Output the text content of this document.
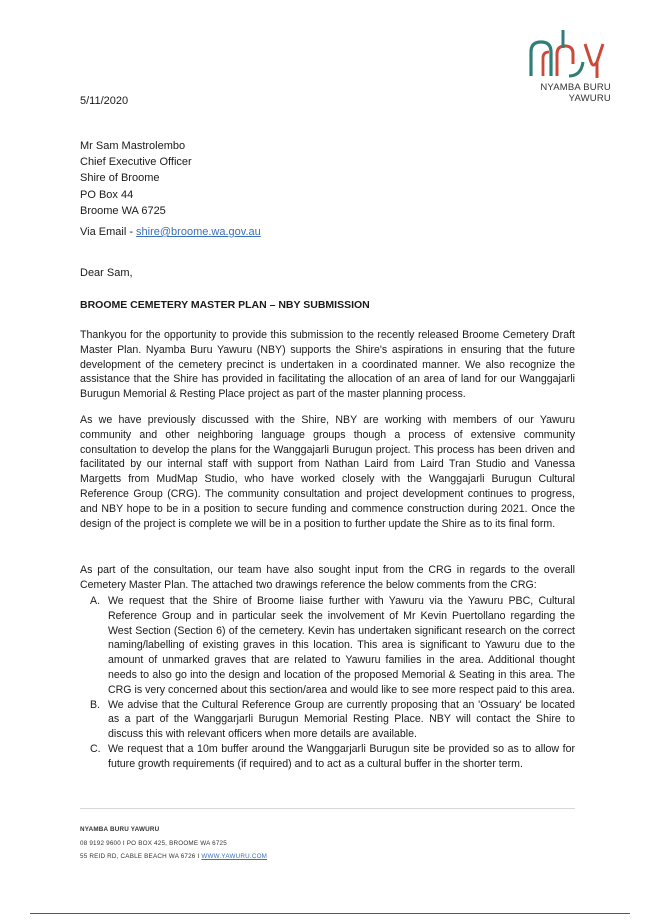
NYAMBA BURU
YAWURU
5/11/2020
Mr Sam Mastrolembo
Chief Executive Officer
Shire of Broome
PO Box 44
Broome WA 6725
Via Email - shire@broome.wa.gov.au
Dear Sam,
BROOME CEMETERY MASTER PLAN – NBY SUBMISSION
Thankyou for the opportunity to provide this submission to the recently released Broome Cemetery Draft Master Plan. Nyamba Buru Yawuru (NBY) supports the Shire's aspirations in ensuring that the future development of the cemetery precinct is undertaken in a coordinated manner. We also recognize the assistance that the Shire has provided in facilitating the allocation of an area of land for our Wanggajarli Burugun Memorial & Resting Place project as part of the master planning process.
As we have previously discussed with the Shire, NBY are working with members of our Yawuru community and other neighboring language groups though a process of extensive community consultation to develop the plans for the Wanggajarli Burugun project. This process has been driven and facilitated by our internal staff with support from Nathan Laird from Laird Tran Studio and Vanessa Margetts from MudMap Studio, who have worked closely with the Wanggajarli Burugun Cultural Reference Group (CRG). The community consultation and project development continues to progress, and NBY hope to be in a position to secure funding and commence construction during 2021. Once the design of the project is complete we will be in a position to further update the Shire as to its final form.
As part of the consultation, our team have also sought input from the CRG in regards to the overall Cemetery Master Plan. The attached two drawings reference the below comments from the CRG:
A. We request that the Shire of Broome liaise further with Yawuru via the Yawuru PBC, Cultural Reference Group and in particular seek the involvement of Mr Kevin Puertollano regarding the West Section (Section 6) of the cemetery. Kevin has undertaken significant research on the correct naming/labelling of existing graves in this location. This area is significant to Yawuru due to the amount of unmarked graves that are related to Yawuru families in the area. Additional thought needs to also go into the design and location of the proposed Memorial & Seating in this area. The CRG is very concerned about this section/area and would like to see more respect paid to this area.
B. We advise that the Cultural Reference Group are currently proposing that an 'Ossuary' be located as a part of the Wanggarjarli Burugun Memorial Resting Place. NBY will contact the Shire to discuss this with relevant officers when more details are available.
C. We request that a 10m buffer around the Wanggarjarli Burugun site be provided so as to allow for future growth requirements (if required) and to act as a cultural buffer in the shorter term.
NYAMBA BURU YAWURU
08 9192 9600 I PO BOX 425, BROOME WA 6725
55 REID RD, CABLE BEACH WA 6726 I WWW.YAWURU.COM
